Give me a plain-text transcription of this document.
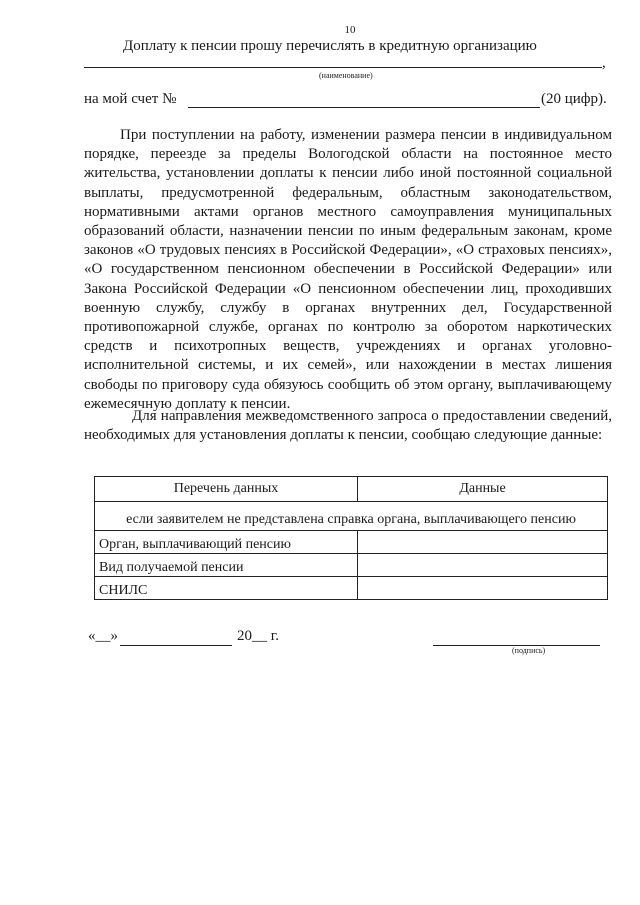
10
Доплату к пенсии прошу перечислять в кредитную организацию
,
(наименование)
на мой счет №	(20 цифр).

При поступлении на работу, изменении размера пенсии в индивидуальном порядке, переезде за пределы Вологодской области на постоянное место жительства, установлении доплаты к пенсии либо иной постоянной социальной выплаты, предусмотренной федеральным, областным законодательством, нормативными актами органов местного самоуправления муниципальных образований области, назначении пенсии по иным федеральным законам, кроме законов «О трудовых пенсиях в Российской Федерации», «О страховых пенсиях», «О государственном пенсионном обеспечении в Российской Федерации» или Закона Российской Федерации «О пенсионном обеспечении лиц, проходивших военную службу, службу в органах внутренних дел, Государственной противопожарной службе, органах по контролю за оборотом наркотических средств и психотропных веществ, учреждениях и органах уголовно-исполнительной системы, и их семей», или нахождении в местах лишения свободы по приговору суда обязуюсь сообщить об этом органу, выплачивающему ежемесячную доплату к пенсии.

Для направления межведомственного запроса о предоставлении сведений, необходимых для установления доплаты к пенсии, сообщаю следующие данные:

Перечень данных	Данные
если заявителем не представлена справка органа, выплачивающего пенсию	
Орган, выплачивающий пенсию	
Вид получаемой пенсии	
СНИЛС	
«__»	20__ г.
(подпись)
